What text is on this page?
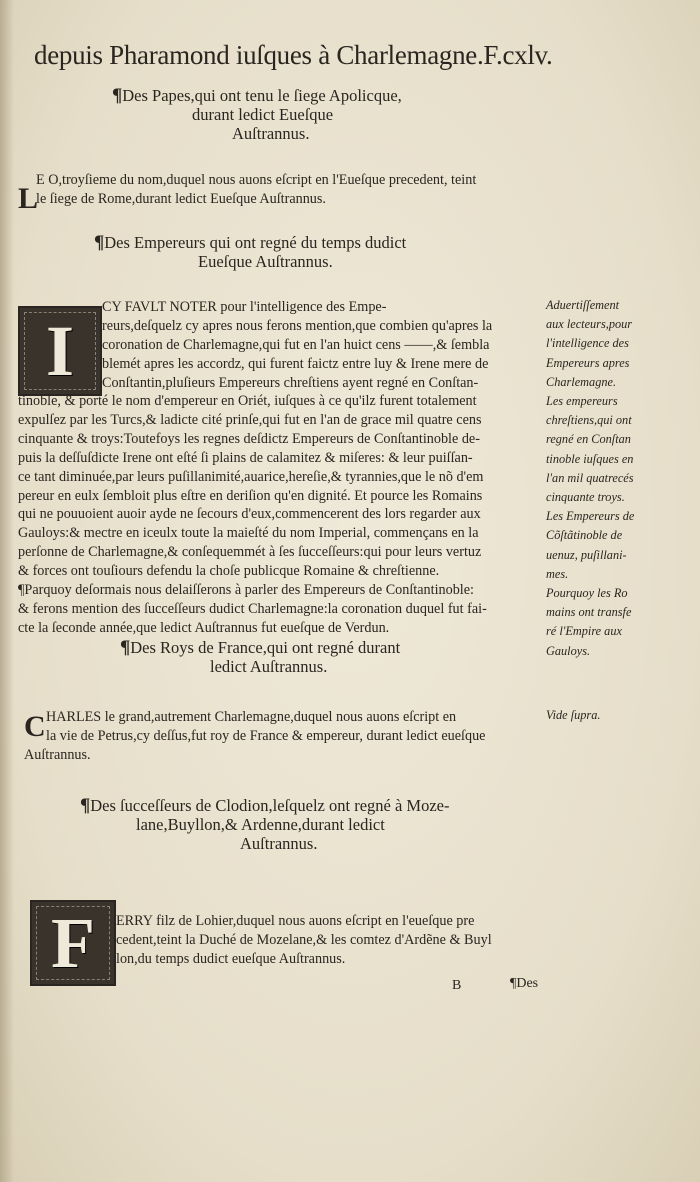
depuis Pharamond iuſques à Charlemagne.F.cxlv.
¶Des Papes,qui ont tenu le ſiege Apolicque,
durant ledict Eueſque
Auſtrannus.
L
E O,troyſieme du nom,duquel nous auons eſcript en l'Eueſque precedent, teint
le ſiege de Rome,durant ledict Eueſque Auſtrannus.
¶Des Empereurs qui ont regné du temps dudict
Eueſque Auſtrannus.
I
CY FAVLT NOTER pour l'intelligence des Empe-
reurs,deſquelz cy apres nous ferons mention,que combien qu'apres la
coronation de Charlemagne,qui fut en l'an huict cens ——,& ſembla
blemét apres les accordz, qui furent faictz entre luy & Irene mere de
Conſtantin,pluſieurs Empereurs chreſtiens ayent regné en Conſtan-
tinoble, & porté le nom d'empereur en Oriét, iuſques à ce qu'ilz furent totalement
expulſez par les Turcs,& ladicte cité prinſe,qui fut en l'an de grace mil quatre cens
cinquante & troys:Toutefoys les regnes deſdictz Empereurs de Conſtantinoble de-
puis la deſſuſdicte Irene ont eſté ſi plains de calamitez & miſeres: & leur puiſſan-
ce tant diminuée,par leurs puſillanimité,auarice,hereſie,& tyrannies,que le nõ d'em
pereur en eulx ſembloit plus eſtre en deriſion qu'en dignité. Et pource les Romains
qui ne pouuoient auoir ayde ne ſecours d'eux,commencerent des lors regarder aux
Gauloys:& mectre en iceulx toute la maieſté du nom Imperial, commençans en la
perſonne de Charlemagne,& conſequemmét à ſes ſucceſſeurs:qui pour leurs vertuz
& forces ont touſiours defendu la choſe publicque Romaine & chreſtienne.
¶Parquoy deſormais nous delaiſſerons à parler des Empereurs de Conſtantinoble:
& ferons mention des ſucceſſeurs dudict Charlemagne:la coronation duquel fut fai-
cte la ſeconde année,que ledict Auſtrannus fut eueſque de Verdun.
Aduertiſſement
aux lecteurs,pour
l'intelligence des
Empereurs apres
Charlemagne.
Les empereurs
chreſtiens,qui ont
regné en Conſtan
tinoble iuſques en
l'an mil quatrecés
cinquante troys.
Les Empereurs de
Cõſtãtinoble de
uenuz, puſillani-
mes.
Pourquoy les Ro
mains ont transfe
ré l'Empire aux
Gauloys.
¶Des Roys de France,qui ont regné durant
ledict Auſtrannus.
C HARLES le grand,autrement Charlemagne,duquel nous auons eſcript en
la vie de Petrus,cy deſſus,fut roy de France & empereur, durant ledict eueſque
Auſtrannus.
Vide ſupra.
¶Des ſucceſſeurs de Clodion,leſquelz ont regné à Moze-
lane,Buyllon,& Ardenne,durant ledict
Auſtrannus.
F ERRY filz de Lohier,duquel nous auons eſcript en l'eueſque pre
cedent,teint la Duché de Mozelane,& les comtez d'Ardẽne & Buyl
lon,du temps dudict eueſque Auſtrannus.
B	¶Des
